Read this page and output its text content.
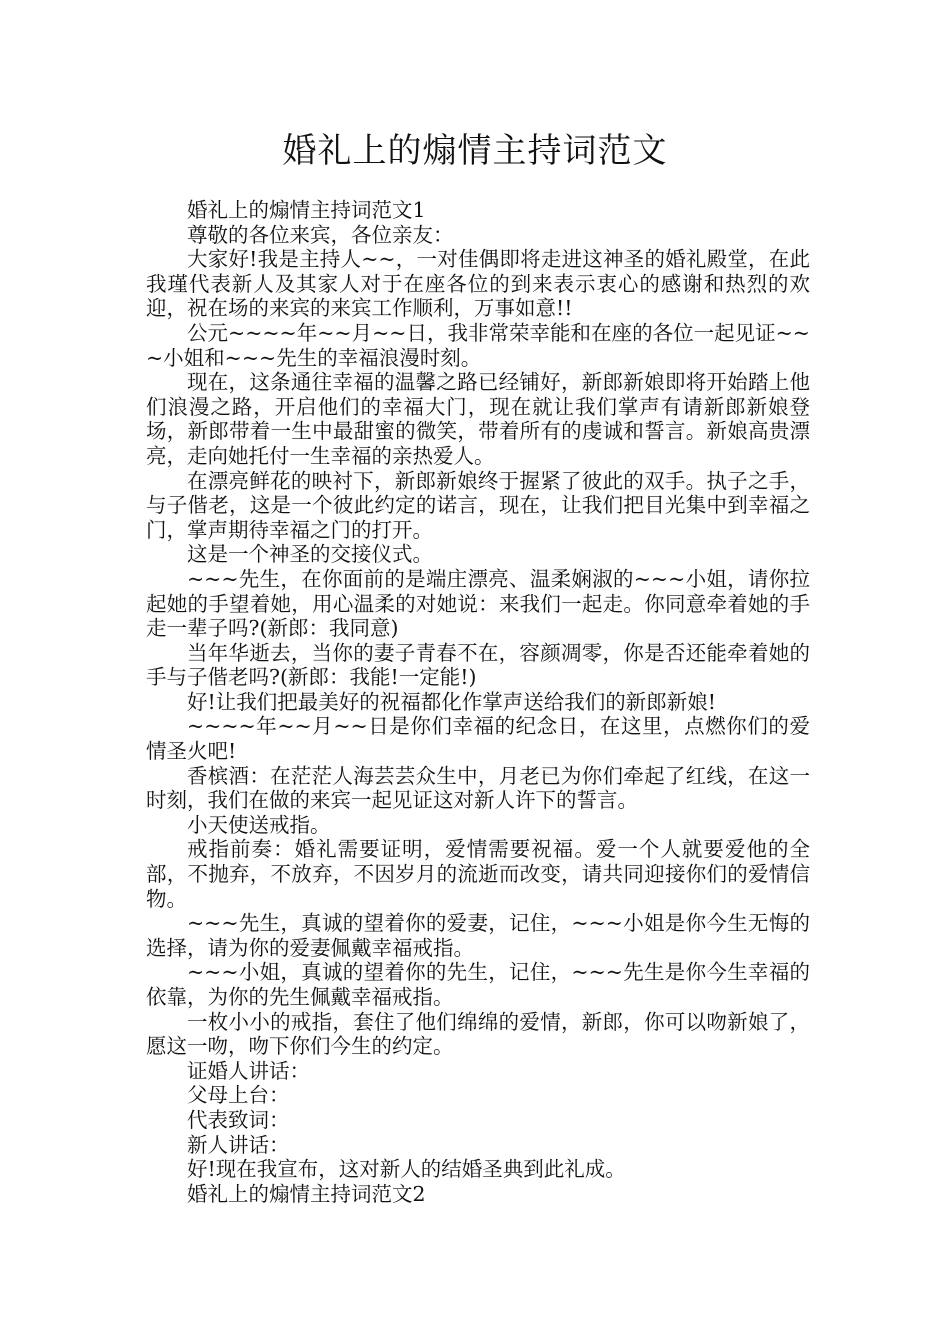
婚礼上的煽情主持词范文

婚礼上的煽情主持词范文1

尊敬的各位来宾，各位亲友：

大家好!我是主持人~~，一对佳偶即将走进这神圣的婚礼殿堂，在此我瑾代表新人及其家人对于在座各位的到来表示衷心的感谢和热烈的欢迎，祝在场的来宾的来宾工作顺利，万事如意!!

公元~~~~年~~月~~日，我非常荣幸能和在座的各位一起见证~~~小姐和~~~先生的幸福浪漫时刻。

现在，这条通往幸福的温馨之路已经铺好，新郎新娘即将开始踏上他们浪漫之路，开启他们的幸福大门，现在就让我们掌声有请新郎新娘登场，新郎带着一生中最甜蜜的微笑，带着所有的虔诚和誓言。新娘高贵漂亮，走向她托付一生幸福的亲热爱人。

在漂亮鲜花的映衬下，新郎新娘终于握紧了彼此的双手。执子之手，与子偕老，这是一个彼此约定的诺言，现在，让我们把目光集中到幸福之门，掌声期待幸福之门的打开。

这是一个神圣的交接仪式。

~~~先生，在你面前的是端庄漂亮、温柔娴淑的~~~小姐，请你拉起她的手望着她，用心温柔的对她说：来我们一起走。你同意牵着她的手走一辈子吗?(新郎：我同意)

当年华逝去，当你的妻子青春不在，容颜凋零，你是否还能牵着她的手与子偕老吗?(新郎：我能!一定能!)

好!让我们把最美好的祝福都化作掌声送给我们的新郎新娘!

~~~~年~~月~~日是你们幸福的纪念日，在这里，点燃你们的爱情圣火吧!

香槟酒：在茫茫人海芸芸众生中，月老已为你们牵起了红线，在这一时刻，我们在做的来宾一起见证这对新人许下的誓言。

小天使送戒指。

戒指前奏：婚礼需要证明，爱情需要祝福。爱一个人就要爱他的全部，不抛弃，不放弃，不因岁月的流逝而改变，请共同迎接你们的爱情信物。

~~~先生，真诚的望着你的爱妻，记住，~~~小姐是你今生无悔的选择，请为你的爱妻佩戴幸福戒指。

~~~小姐，真诚的望着你的先生，记住，~~~先生是你今生幸福的依靠，为你的先生佩戴幸福戒指。

一枚小小的戒指，套住了他们绵绵的爱情，新郎，你可以吻新娘了，愿这一吻，吻下你们今生的约定。

证婚人讲话：

父母上台：

代表致词：

新人讲话：

好!现在我宣布，这对新人的结婚圣典到此礼成。

婚礼上的煽情主持词范文2
